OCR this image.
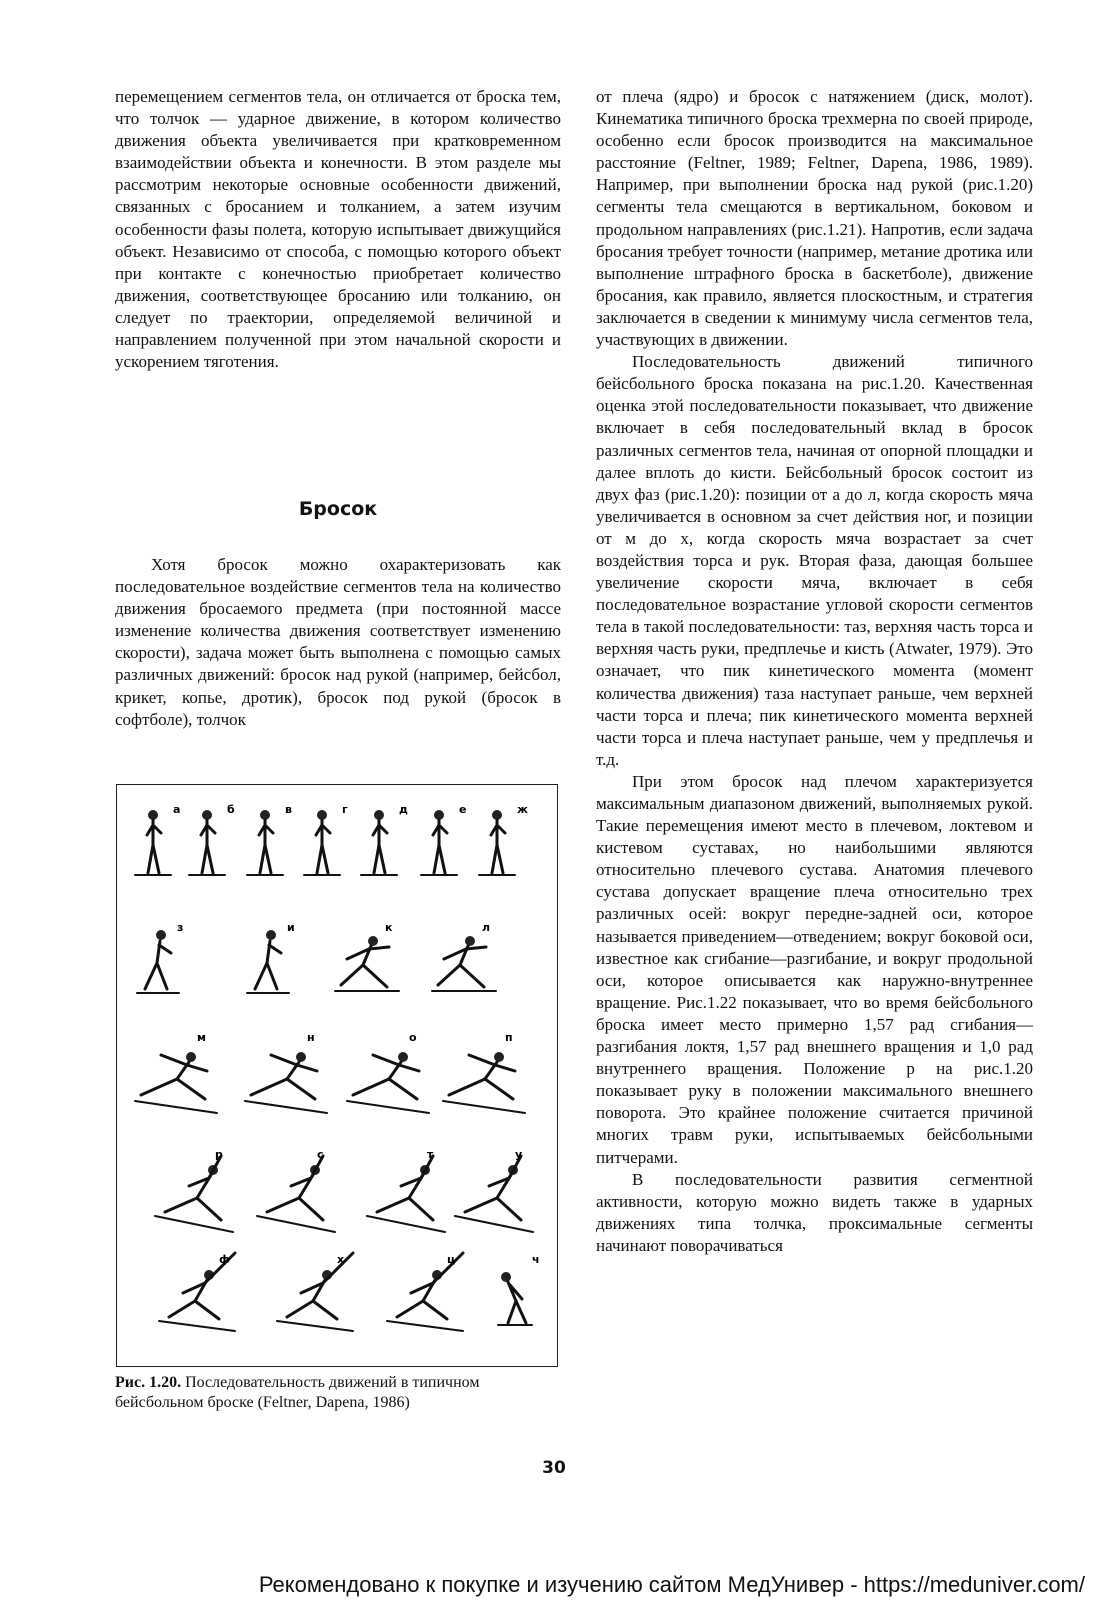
перемещением сегментов тела, он отличается от броска тем, что толчок — ударное движение, в котором количество движения объекта увеличивается при кратковременном взаимодействии объекта и конечности. В этом разделе мы рассмотрим некоторые основные особенности движений, связанных с бросанием и толканием, а затем изучим особенности фазы полета, которую испытывает движущийся объект. Независимо от способа, с помощью которого объект при контакте с конечностью приобретает количество движения, соответствующее бросанию или толканию, он следует по траектории, определяемой величиной и направлением полученной при этом начальной скорости и ускорением тяготения.

Бросок

Хотя бросок можно охарактеризовать как последовательное воздействие сегментов тела на количество движения бросаемого предмета (при постоянной массе изменение количества движения соответствует изменению скорости), задача может быть выполнена с помощью самых различных движений: бросок над рукой (например, бейсбол, крикет, копье, дротик), бросок под рукой (бросок в софтболе), толчок

а	б	в	г	д	е	ж
з	и	к	л
м	н	о	п
р	с	т	у
ф	х	ц	ч

Рис. 1.20. Последовательность движений в типичном бейсбольном броске (Feltner, Dapena, 1986)

от плеча (ядро) и бросок с натяжением (диск, молот). Кинематика типичного броска трехмерна по своей природе, особенно если бросок производится на максимальное расстояние (Feltner, 1989; Feltner, Dapena, 1986, 1989). Например, при выполнении броска над рукой (рис.1.20) сегменты тела смещаются в вертикальном, боковом и продольном направлениях (рис.1.21). Напротив, если задача бросания требует точности (например, метание дротика или выполнение штрафного броска в баскетболе), движение бросания, как правило, является плоскостным, и стратегия заключается в сведении к минимуму числа сегментов тела, участвующих в движении.

Последовательность движений типичного бейсбольного броска показана на рис.1.20. Качественная оценка этой последовательности показывает, что движение включает в себя последовательный вклад в бросок различных сегментов тела, начиная от опорной площадки и далее вплоть до кисти. Бейсбольный бросок состоит из двух фаз (рис.1.20): позиции от а до л, когда скорость мяча увеличивается в основном за счет действия ног, и позиции от м до х, когда скорость мяча возрастает за счет воздействия торса и рук. Вторая фаза, дающая большее увеличение скорости мяча, включает в себя последовательное возрастание угловой скорости сегментов тела в такой последовательности: таз, верхняя часть торса и верхняя часть руки, предплечье и кисть (Atwater, 1979). Это означает, что пик кинетического момента (момент количества движения) таза наступает раньше, чем верхней части торса и плеча; пик кинетического момента верхней части торса и плеча наступает раньше, чем у предплечья и т.д.

При этом бросок над плечом характеризуется максимальным диапазоном движений, выполняемых рукой. Такие перемещения имеют место в плечевом, локтевом и кистевом суставах, но наибольшими являются относительно плечевого сустава. Анатомия плечевого сустава допускает вращение плеча относительно трех различных осей: вокруг передне-задней оси, которое называется приведением—отведением; вокруг боковой оси, известное как сгибание—разгибание, и вокруг продольной оси, которое описывается как наружно-внутреннее вращение. Рис.1.22 показывает, что во время бейсбольного броска имеет место примерно 1,57 рад сгибания—разгибания локтя, 1,57 рад внешнего вращения и 1,0 рад внутреннего вращения. Положение р на рис.1.20 показывает руку в положении максимального внешнего поворота. Это крайнее положение считается причиной многих травм руки, испытываемых бейсбольными питчерами.

В последовательности развития сегментной активности, которую можно видеть также в ударных движениях типа толчка, проксимальные сегменты начинают поворачиваться

30
Рекомендовано к покупке и изучению сайтом МедУнивер - https://meduniver.com/
